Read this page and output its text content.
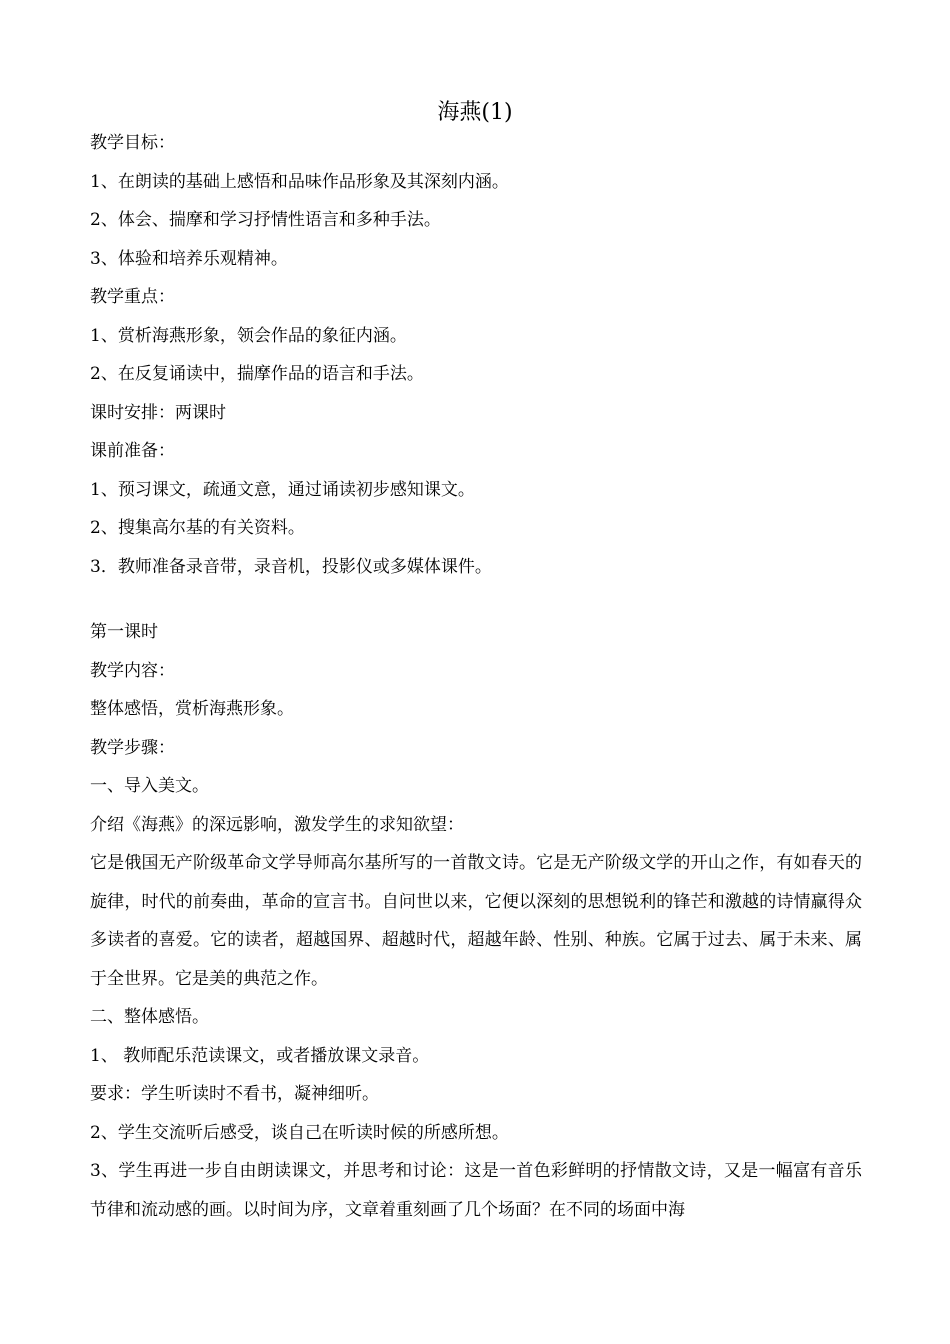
海燕(1)
教学目标：
1、在朗读的基础上感悟和品味作品形象及其深刻内涵。
2、体会、揣摩和学习抒情性语言和多种手法。
3、体验和培养乐观精神。
教学重点：
1、赏析海燕形象，领会作品的象征内涵。
2、在反复诵读中，揣摩作品的语言和手法。
课时安排：两课时
课前准备：
1、预习课文，疏通文意，通过诵读初步感知课文。
2、搜集高尔基的有关资料。
3．教师准备录音带，录音机，投影仪或多媒体课件。
第一课时
教学内容：
整体感悟，赏析海燕形象。
教学步骤：
一、导入美文。
介绍《海燕》的深远影响，激发学生的求知欲望：
它是俄国无产阶级革命文学导师高尔基所写的一首散文诗。它是无产阶级文学的开山之作，有如春天的旋律，时代的前奏曲，革命的宣言书。自问世以来，它便以深刻的思想锐利的锋芒和激越的诗情赢得众多读者的喜爱。它的读者，超越国界、超越时代，超越年龄、性别、种族。它属于过去、属于未来、属于全世界。它是美的典范之作。
二、整体感悟。
1、 教师配乐范读课文，或者播放课文录音。
要求：学生听读时不看书，凝神细听。
2、学生交流听后感受，谈自己在听读时候的所感所想。
3、学生再进一步自由朗读课文，并思考和讨论：这是一首色彩鲜明的抒情散文诗，又是一幅富有音乐节律和流动感的画。以时间为序，文章着重刻画了几个场面？在不同的场面中海
